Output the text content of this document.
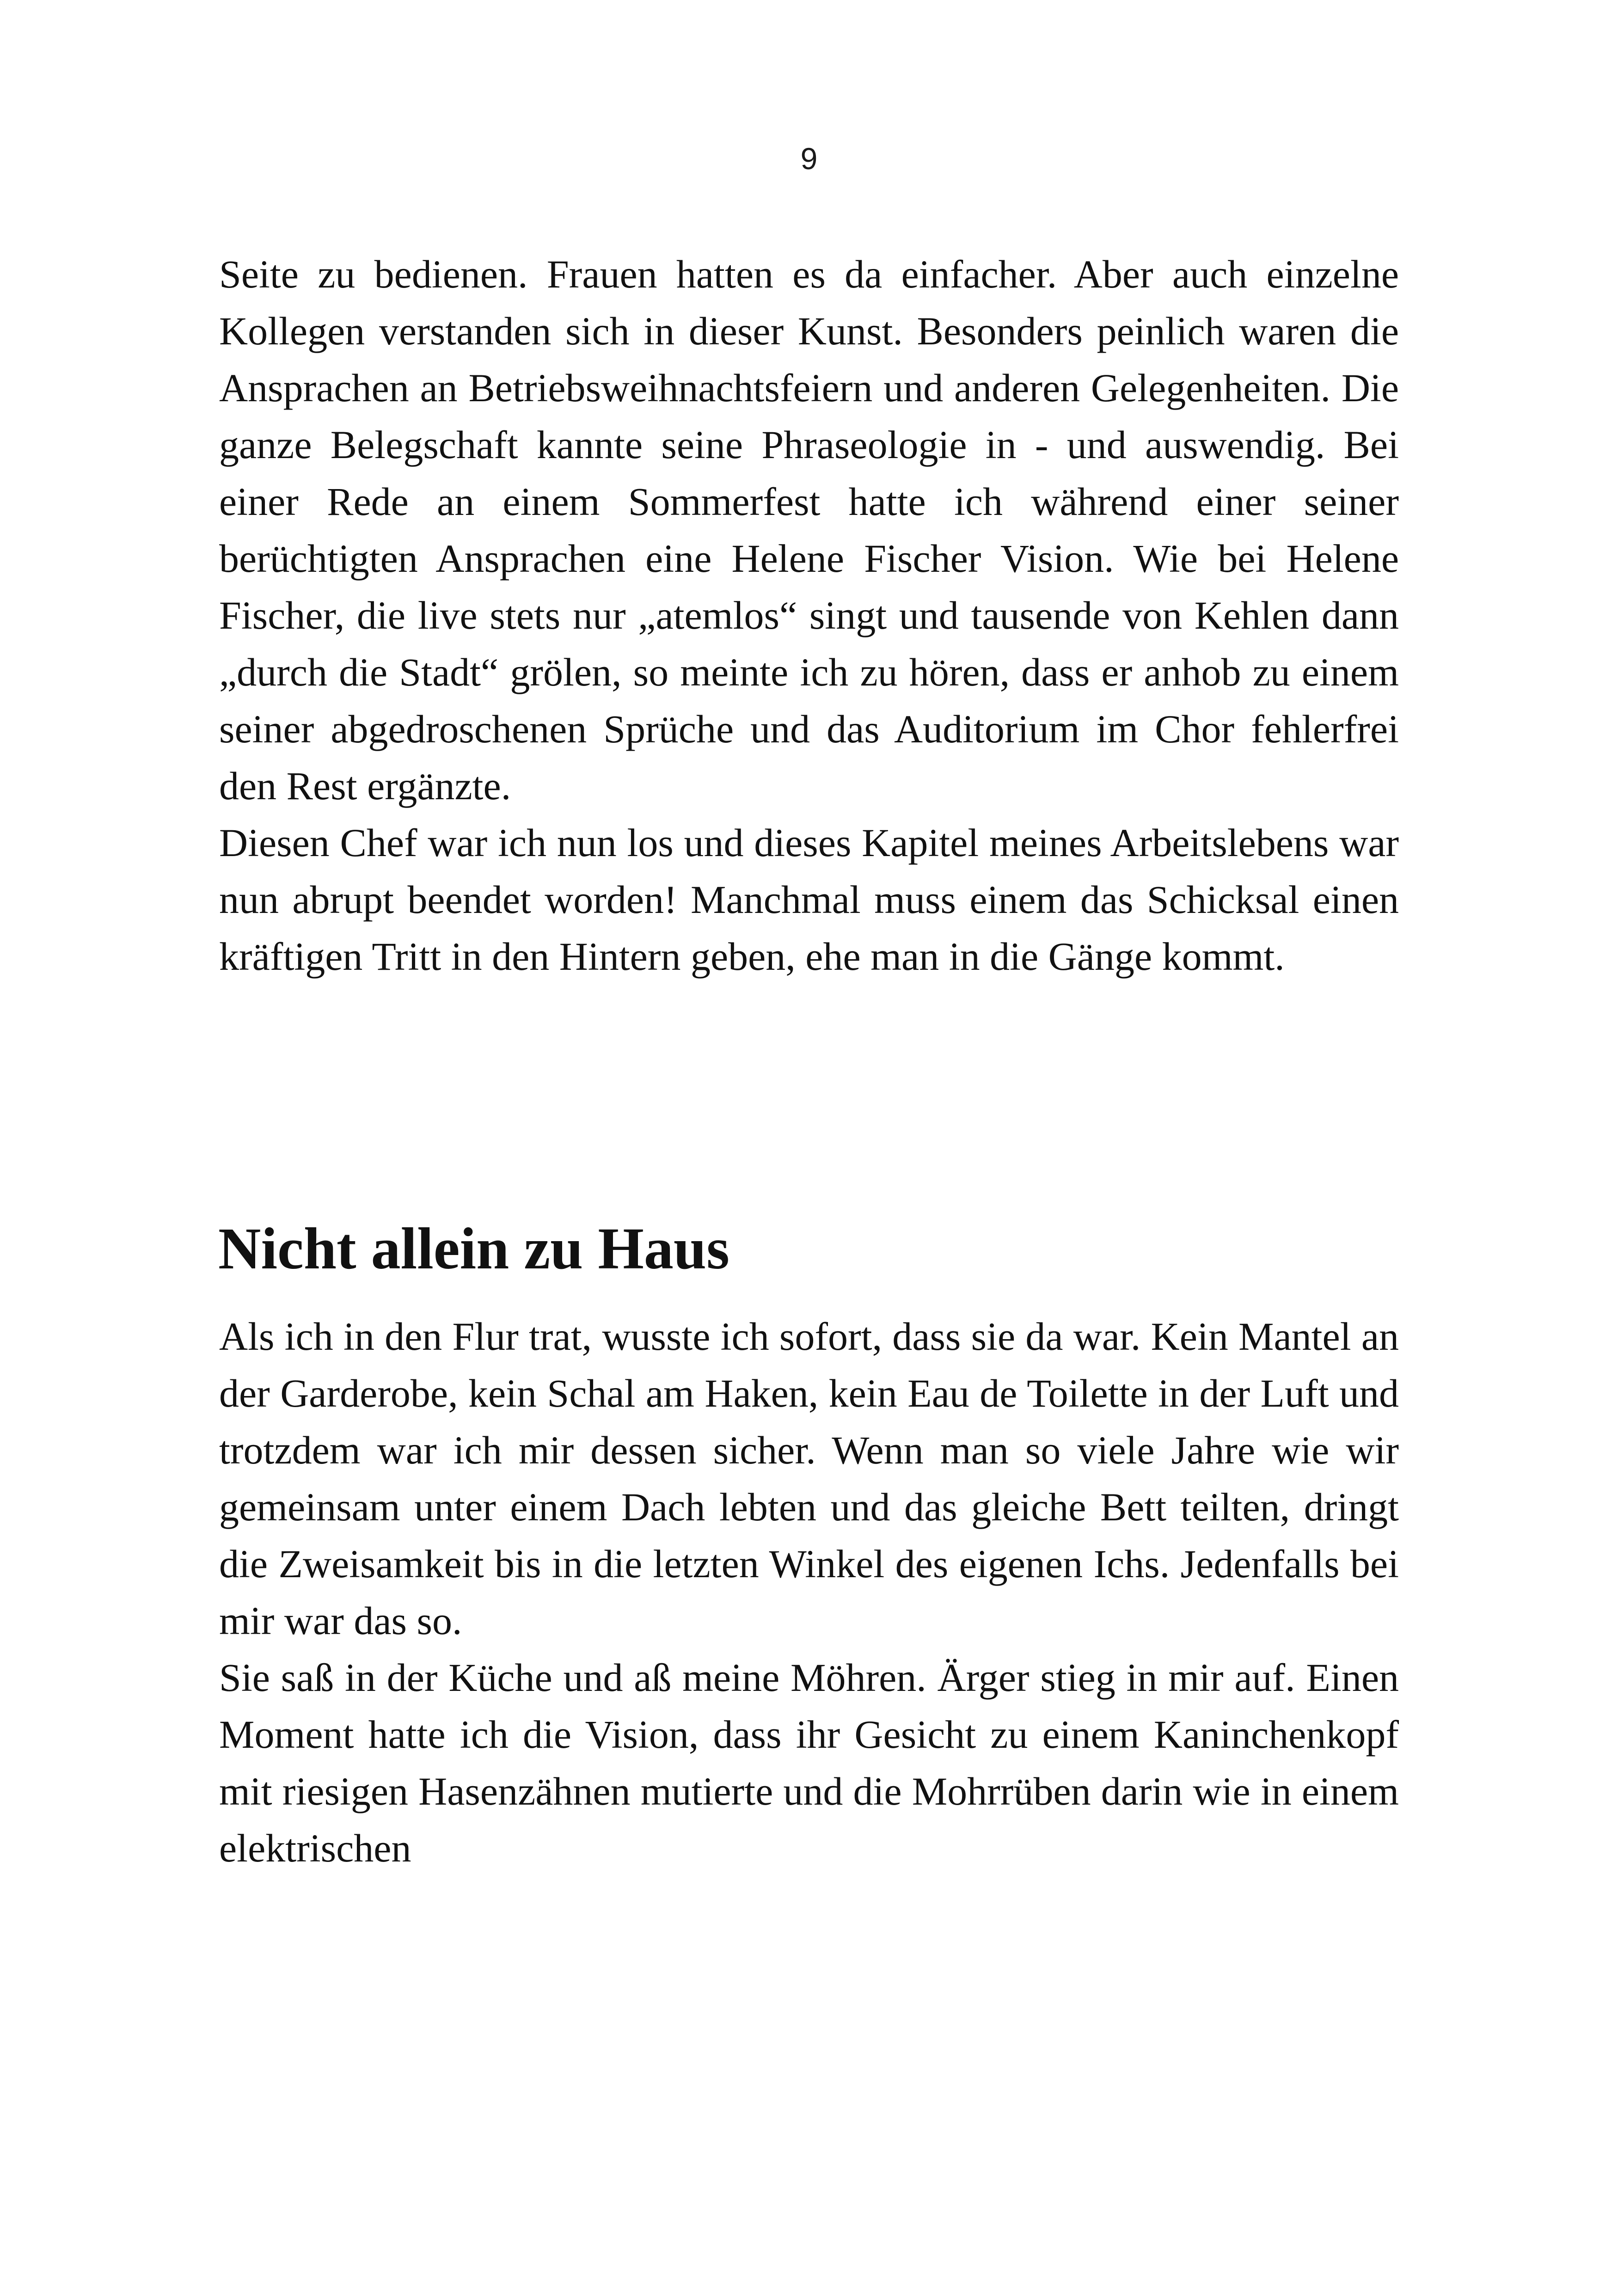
9

Seite zu bedienen. Frauen hatten es da einfacher. Aber auch einzelne Kollegen verstanden sich in dieser Kunst. Besonders peinlich waren die Ansprachen an Betriebsweihnachtsfeiern und anderen Gelegenheiten. Die ganze Belegschaft kannte seine Phraseologie in - und auswendig. Bei einer Rede an einem Sommerfest hatte ich während einer seiner berüchtigten Ansprachen eine Helene Fischer Vision. Wie bei Helene Fischer, die live stets nur „atemlos“ singt und tausende von Kehlen dann „durch die Stadt“ grölen, so meinte ich zu hören, dass er anhob zu einem seiner abgedroschenen Sprüche und das Auditorium im Chor fehlerfrei den Rest ergänzte.

Diesen Chef war ich nun los und dieses Kapitel meines Arbeitslebens war nun abrupt beendet worden! Manchmal muss einem das Schicksal einen kräftigen Tritt in den Hintern geben, ehe man in die Gänge kommt.

Nicht allein zu Haus

Als ich in den Flur trat, wusste ich sofort, dass sie da war. Kein Mantel an der Garderobe, kein Schal am Haken, kein Eau de Toilette in der Luft und trotzdem war ich mir dessen sicher. Wenn man so viele Jahre wie wir gemeinsam unter einem Dach lebten und das gleiche Bett teilten, dringt die Zweisamkeit bis in die letzten Winkel des eigenen Ichs. Jedenfalls bei mir war das so.

Sie saß in der Küche und aß meine Möhren. Ärger stieg in mir auf. Einen Moment hatte ich die Vision, dass ihr Gesicht zu einem Kaninchenkopf mit riesigen Hasenzähnen mutierte und die Mohrrüben darin wie in einem elektrischen
